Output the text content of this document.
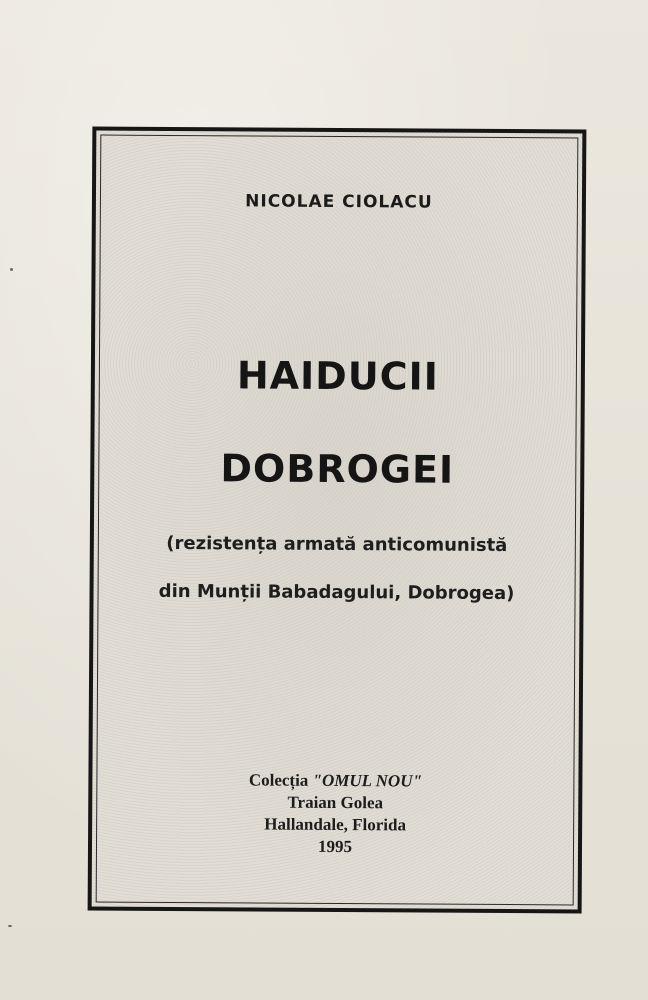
NICOLAE CIOLACU
HAIDUCII
DOBROGEI
(rezistența armată anticomunistă
din Munții Babadagului, Dobrogea)
Colecția "OMUL NOU"
Traian Golea
Hallandale, Florida
1995
